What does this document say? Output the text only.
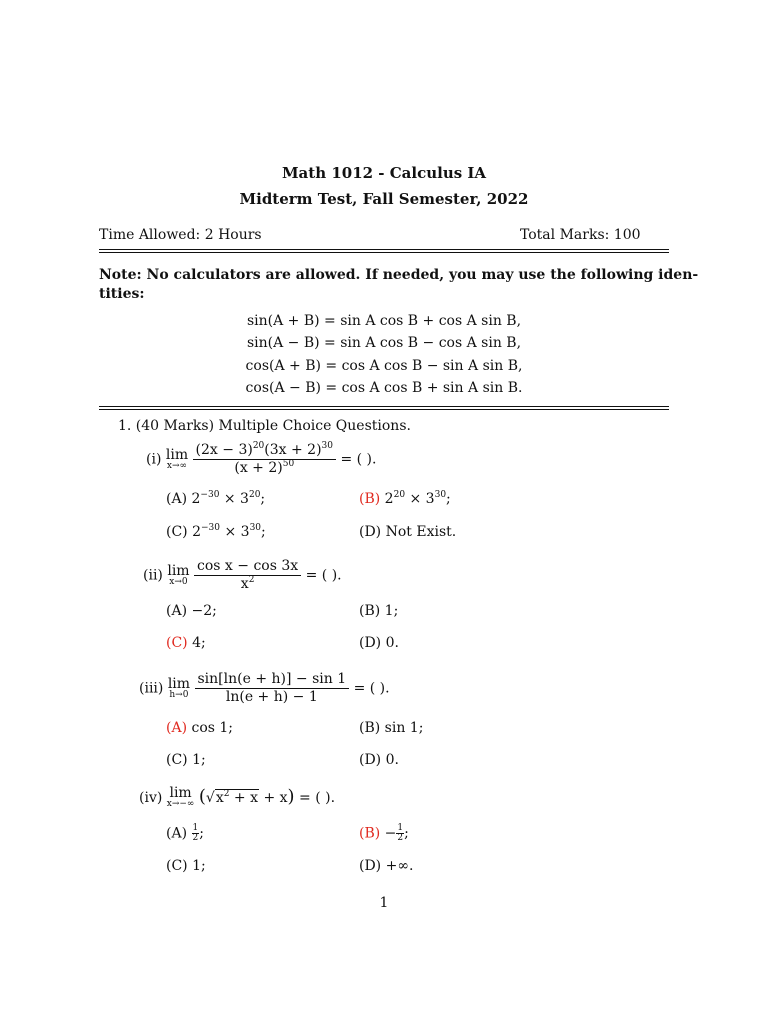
Math 1012 - Calculus IA
Midterm Test, Fall Semester, 2022
Time Allowed: 2 Hours	Total Marks: 100
Note: No calculators are allowed. If needed, you may use the following iden-
tities:
sin(A + B) = sin A cos B + cos A sin B,
sin(A − B) = sin A cos B − cos A sin B,
cos(A + B) = cos A cos B − sin A sin B,
cos(A − B) = cos A cos B + sin A sin B.
1. (40 Marks) Multiple Choice Questions.
(i) lim
x→∞
$\frac{(2x - 3)^{20}(3x + 2)^{30}}{(x + 2)^{50}}$ = ( ).
(A) $2^{-30} \times 3^{20}$;	(B) $2^{20} \times 3^{30}$;
(C) $2^{-30} \times 3^{30}$;	(D) Not Exist.
(ii) lim
x→0
$\frac{\text{cos x − cos 3x}}{x^2}$ = ( ).
(A) −2;	(B) 1;
(C) 4;	(D) 0.
(iii) lim
h→0
$\frac{\sin[\ln(e + h)] - \sin 1}{\ln(e + h) - 1}$ = ( ).
(A) cos 1;	(B) sin 1;
(C) 1;	(D) 0.
(iv) lim
x→−∞ $(√x^2 + x + x)$ = ( ).
$(A) \frac{1}{2}$ ;	$(B) - \frac{1}{2}$ ;
(C) 1;	(D) +∞.
1
